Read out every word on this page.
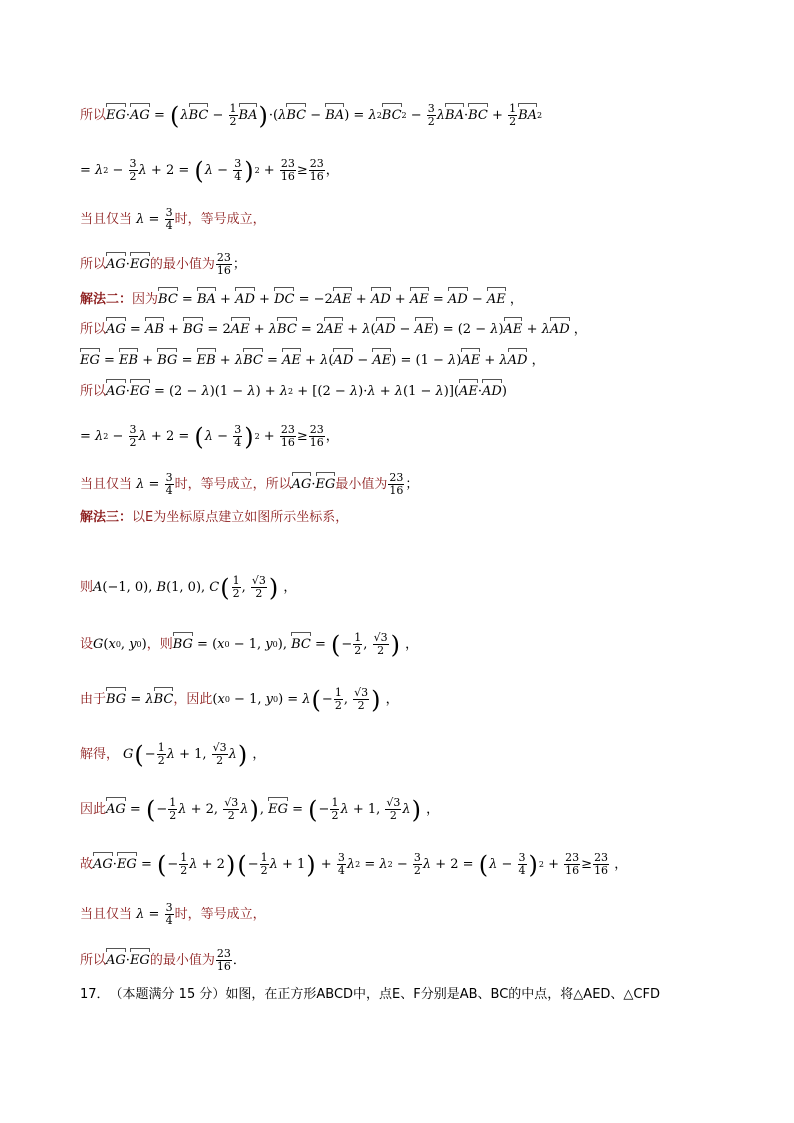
所以 EG · AG = ( λ BC − $\frac{1}{2}$ BA ) ·( λ BC − BA ) = λ 2 BC $2 - \frac{3}{2}$ λ BA · BC + $\frac{1}{2}$ BA 2
= λ $2 - \frac{3}{2}$ λ + 2 = ( $\lambda - \frac{3}{4}$ ) $2 + \frac{23}{16} \ge \frac{23}{16}$ ，
当且仅当 $\lambda = \frac{3}{4}$ 时，等号成立，
所以 AG · EG 的最小值为 $\frac{23}{16}$ ；
解法二： 因为 BC = BA + AD + DC = −2 AE + AD + AE = AD − AE ，
所以 AG = AB + BG = 2 AE + λ BC = 2 AE + λ ( AD − AE ) = (2 − λ ) AE + λ AD ，
EG = EB + BG = EB + λ BC = AE + λ ( AD − AE ) = (1 − λ ) AE + λ AD ，
所以 AG · EG = (2 − λ )(1 − λ ) + λ 2 + [(2 − λ )· λ + λ (1 − λ )]( AE · AD )
= λ $2 - \frac{3}{2}$ λ + 2 = ( $\lambda - \frac{3}{4}$ ) $2 + \frac{23}{16} \ge \frac{23}{16}$ ，
当且仅当 $\lambda = \frac{3}{4}$ 时，等号成立，所以 AG · EG 最小值为 $\frac{23}{16}$ ；
解法三： 以E为坐标原点建立如图所示坐标系，
则 A (−1, 0), B (1, 0), C ( $\frac{1}{2}$ , $\frac{√3}{2}$ ) ，
设 G ( x 0 , y 0 ) ，则 BG = ( x 0 − 1, y 0 ), BC = ( − $\frac{1}{2}$ , $\frac{√3}{2}$ ) ，
由于 BG = λ BC ，因此 ( x 0 − 1, y 0 ) = λ ( − $\frac{1}{2}$ , $\frac{√3}{2}$ ) ，
解得， G ( − $\frac{1}{2}$ λ + 1, $\frac{√3}{2}$ λ ) ，
因此 AG = ( − $\frac{1}{2}$ λ + 2, $\frac{√3}{2}$ λ ) , EG = ( − $\frac{1}{2}$ λ + 1, $\frac{√3}{2}$ λ ) ，
故 AG · EG = ( − $\frac{1}{2}$ λ + 2 ) ( − $\frac{1}{2}$ λ + 1 ) + $\frac{3}{4}$ λ 2 = λ $2 - \frac{3}{2}$ λ + 2 = ( $\lambda - \frac{3}{4}$ ) $2 + \frac{23}{16} \ge \frac{23}{16}$ ，
当且仅当 $\lambda = \frac{3}{4}$ 时，等号成立，
所以 AG · EG 的最小值为 $\frac{23}{16}$ ．
17． （本题满分 15 分） 如图，在正方形ABCD中，点E、F分别是AB、BC的中点，将△AED、△CFD
